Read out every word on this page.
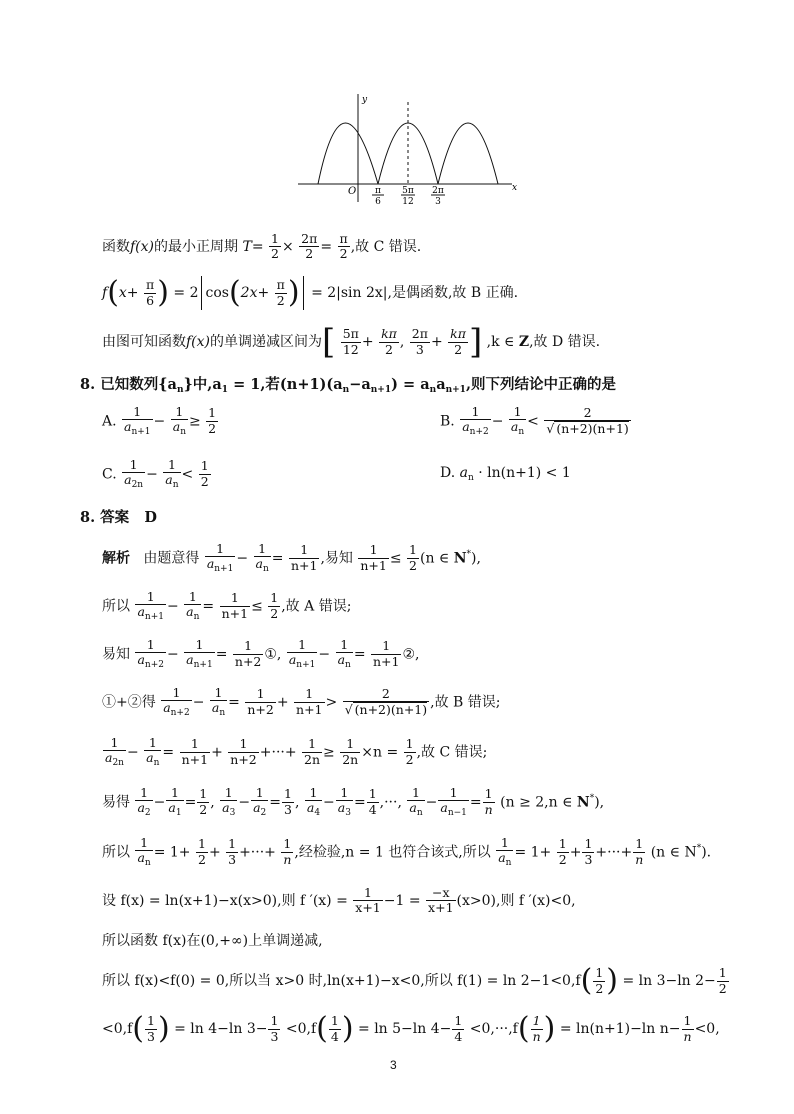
y
x
O π
6
5π
12
2π
3
函数f(x)的最小正周期 $T= \frac{1}{2} \times \frac{2\pi}{2} = \frac{\pi}{2}$ ,故 C 错误.
$f(x+ \frac{\pi}{6}$ ) = 2 $\cos(2x+ \frac{\pi}{2}$ ) = 2|sin 2x|,是偶函数,故 B 正确.
由图可知函数f(x)的单调递减区间为[ $\frac{5\pi}{12} + \frac{k\pi}{2}$ , $\frac{2\pi}{3} + \frac{k\pi}{2}$ ] ,k ∈ Z,故 D 错误.
8. 已知数列$\{a_n\}$中$,a_1 = 1$,若$(n+1)(a_n-a_{n+1}) = a_na_{n+1}$,则下列结论中正确的是
A. $\frac{1}{a_{n+1}} - \frac{1}{a_n} \ge \frac{1}{2}$	B. $\frac{1}{a_{n+2}} - \frac{1}{a_n} < \frac{2}{√ (n+2)(n+1)}$
C. $\frac{1}{a_{2n}} - \frac{1}{a_n} < \frac{1}{2}$	D. $a_n \cdot \ln(n+1) < 1$
8. 答案 D
解析 由题意得 $\frac{1}{a_{n+1}} - \frac{1}{a_n} = \frac{1}{n+1}$ ,易知 $\frac{1}{n+1} \le \frac{1}{2} (n$ ∈ N*),
所以 $\frac{1}{a_{n+1}} - \frac{1}{a_n} = \frac{1}{n+1} \le \frac{1}{2}$ ,故 A 错误;
易知 $\frac{1}{a_{n+2}} - \frac{1}{a_{n+1}} = \frac{1}{n+2}$ ①, $\frac{1}{a_{n+1}} - \frac{1}{a_n} = \frac{1}{n+1}$ ②,
①+②得 $\frac{1}{a_{n+2}} - \frac{1}{a_n} = \frac{1}{n+2} + \frac{1}{n+1} > \frac{2}{√ (n+2)(n+1)}$ ,故 B 错误;
$\frac{1}{a_{2n}} - \frac{1}{a_n} = \frac{1}{n+1} + \frac{1}{n+2}$ +···+ $\frac{1}{2n} \ge \frac{1}{2n} \times n = \frac{1}{2}$ ,故 C 错误;
易得 $\frac{1}{a_2} - \frac{1}{a_1} = \frac{1}{2}$ , $\frac{1}{a_3} - \frac{1}{a_2} = \frac{1}{3}$ , $\frac{1}{a_4} - \frac{1}{a_3} = \frac{1}{4}$ ,···, $\frac{1}{a_n} - \frac{1}{a_{n-1}} = \frac{1}{n} (n \ge 2,n$ ∈ N*),
所以 $\frac{1}{a_n} = 1+ \frac{1}{2} + \frac{1}{3}$ +···+ $\frac{1}{n}$ ,经检验,n = 1 也符合该式,所以 $\frac{1}{a_n} = 1+ \frac{1}{2} + \frac{1}{3}$ +···+ $\frac{1}{n} (n$ ∈ N*).
设 f(x) = ln(x+1)−x(x>0),则 f $'(x) = \frac{1}{x+1} -1 = \frac{-x}{x+1} (x>0)$,则 f ′(x)<0,
所以函数 f(x)在(0,+∞)上单调递减,
所以 f(x)<f(0) = 0,所以当 x>0 时,ln(x+1)−x<0,所以 $f(1) = \ln 2-1<0,f( \frac{1}{2}$ ) = ln 3−ln $2- \frac{1}{2}$
$<0,f( \frac{1}{3}$ ) = ln 4−ln $3- \frac{1}{3} <0,f( \frac{1}{4}$ ) = ln 5−ln $4- \frac{1}{4} <0,\cdot\cdot\cdot,f( \frac{1}{n}$ ) = ln(n+1)−ln $n- \frac{1}{n} <0$,
3
